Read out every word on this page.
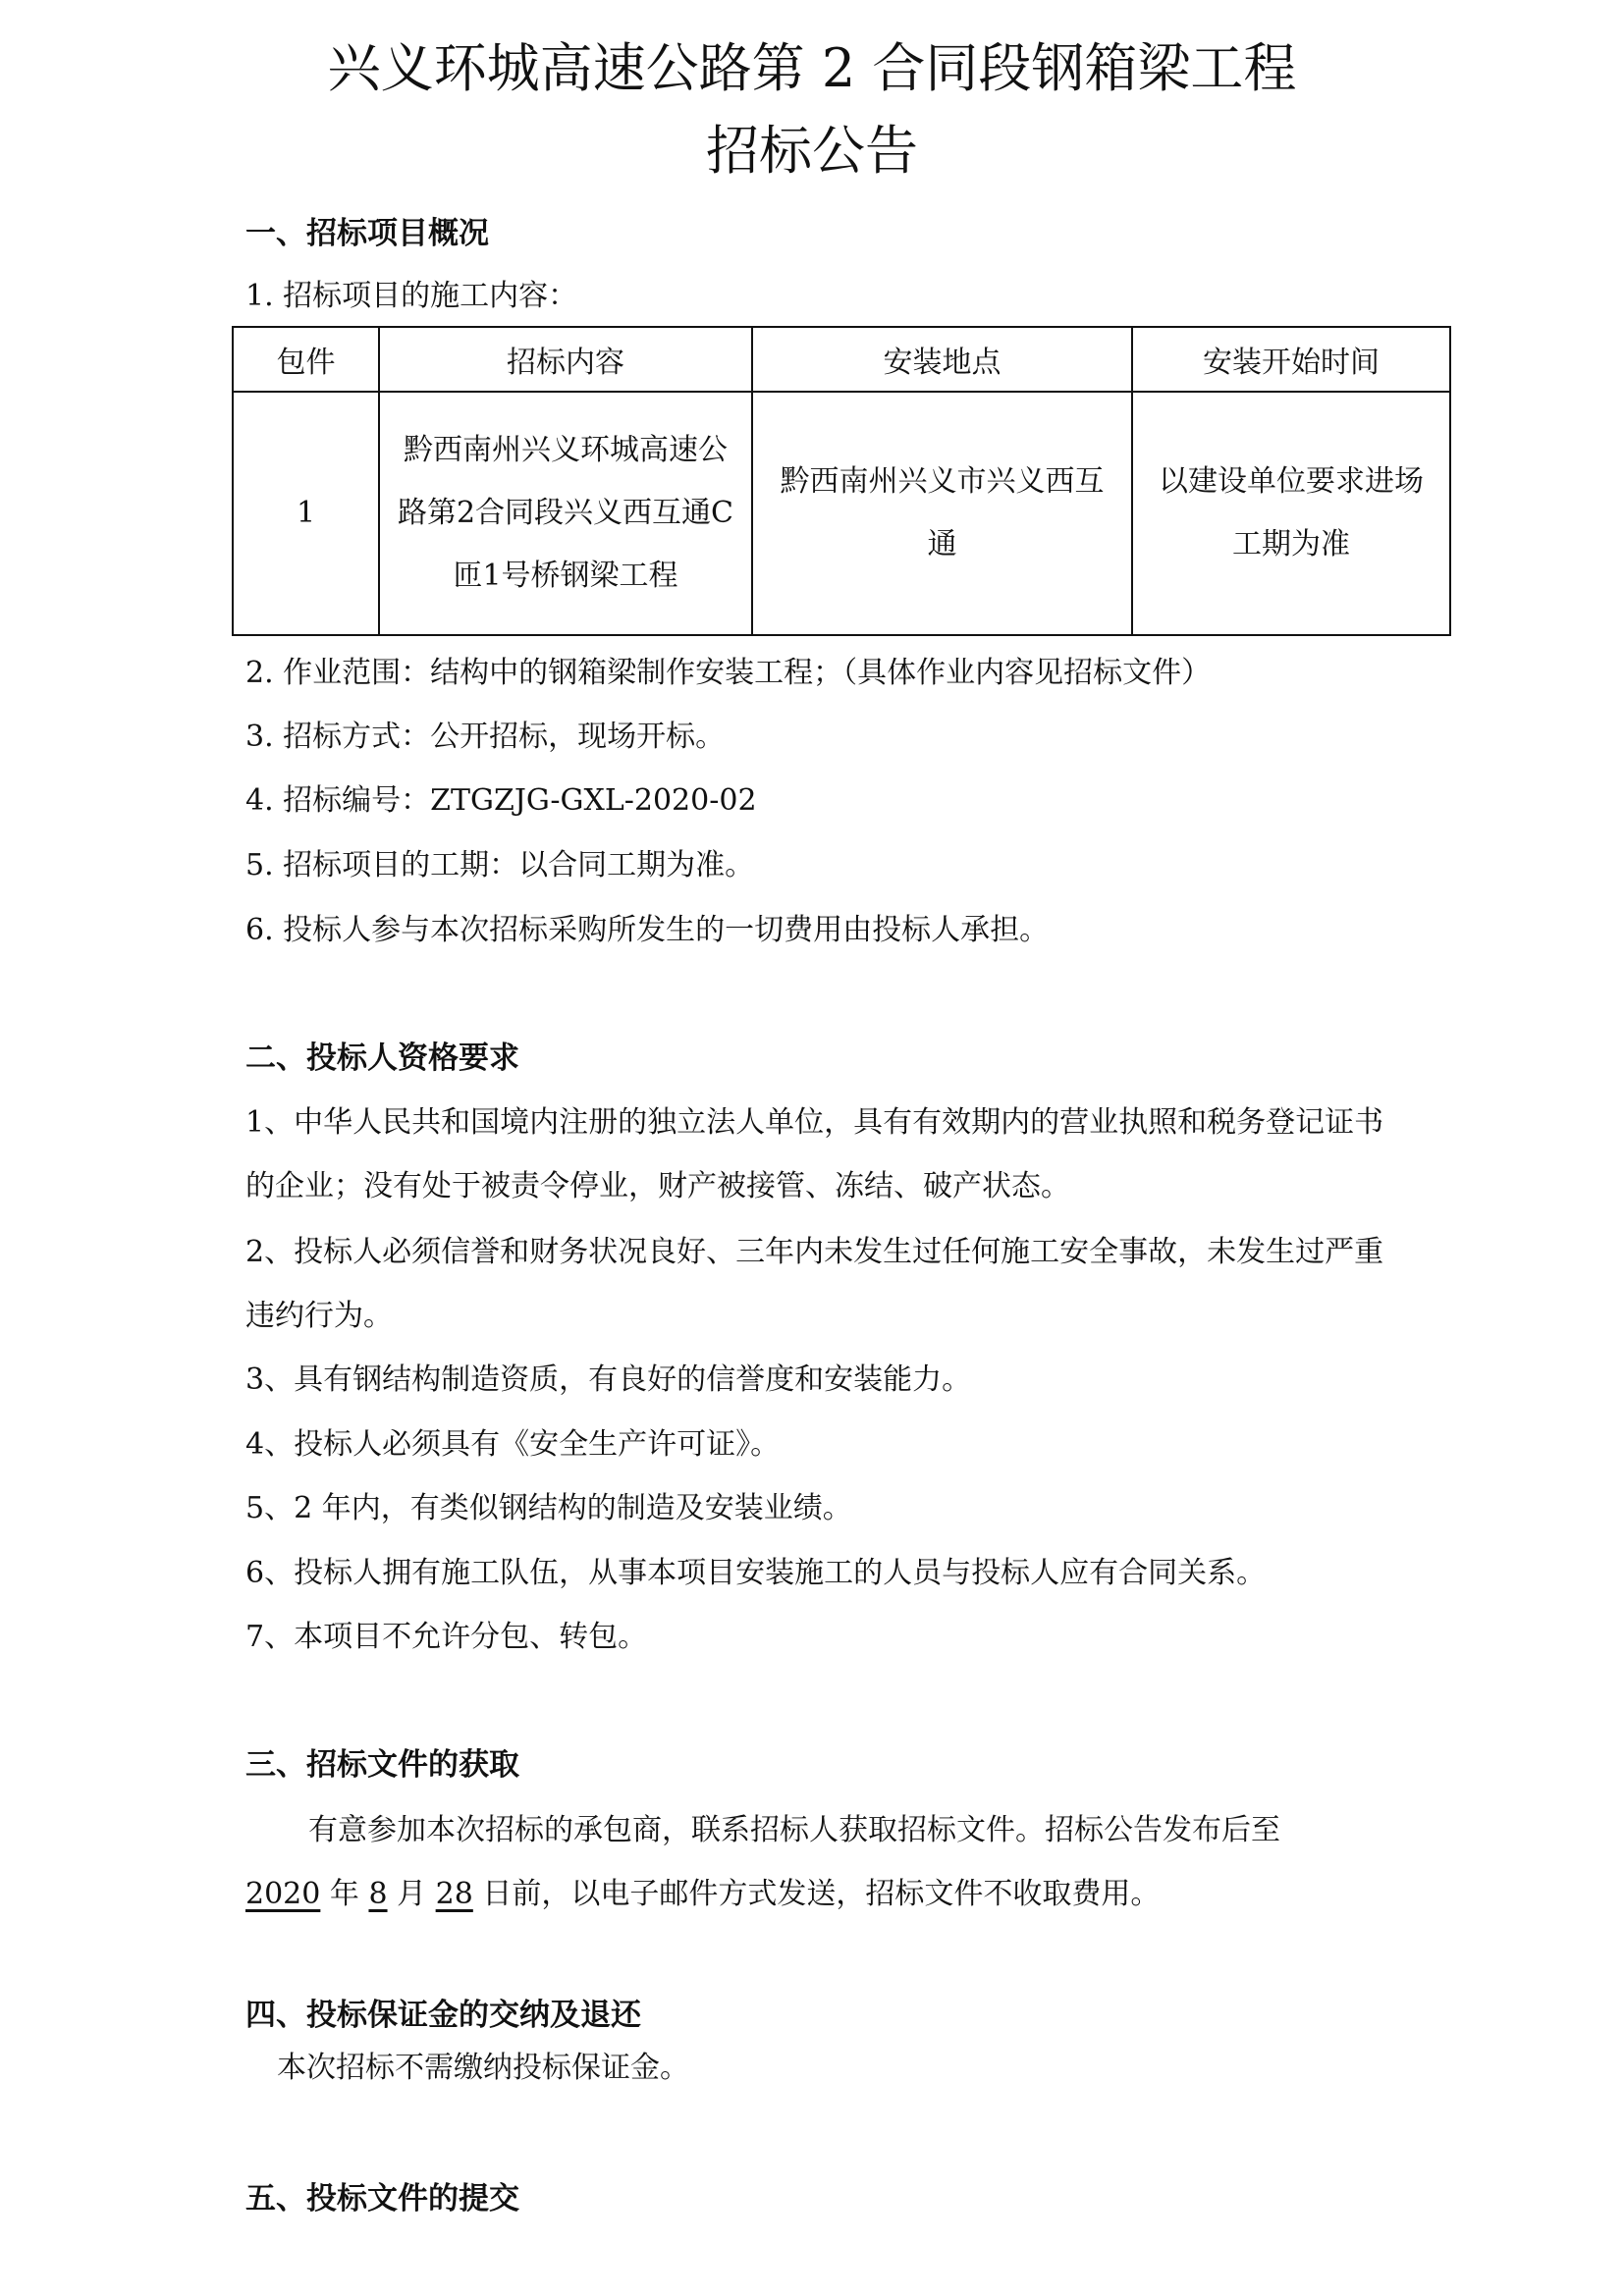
兴义环城高速公路第 2 合同段钢箱梁工程
招标公告
一、招标项目概况

1. 招标项目的施工内容：

包件	招标内容	安装地点	安装开始时间
1	黔西南州兴义环城高速公路第2合同段兴义西互通C匝1号桥钢梁工程	黔西南州兴义市兴义西互通	以建设单位要求进场工期为准

2. 作业范围：结构中的钢箱梁制作安装工程；（具体作业内容见招标文件）

3. 招标方式：公开招标，现场开标。

4. 招标编号：ZTGZJG-GXL-2020-02

5. 招标项目的工期：以合同工期为准。

6. 投标人参与本次招标采购所发生的一切费用由投标人承担。

二、投标人资格要求

1、中华人民共和国境内注册的独立法人单位，具有有效期内的营业执照和税务登记证书的企业；没有处于被责令停业，财产被接管、冻结、破产状态。

2、投标人必须信誉和财务状况良好、三年内未发生过任何施工安全事故，未发生过严重违约行为。

3、具有钢结构制造资质，有良好的信誉度和安装能力。

4、投标人必须具有《安全生产许可证》。

5、2 年内，有类似钢结构的制造及安装业绩。

6、投标人拥有施工队伍，从事本项目安装施工的人员与投标人应有合同关系。

7、本项目不允许分包、转包。

三、招标文件的获取

有意参加本次招标的承包商，联系招标人获取招标文件。招标公告发布后至
2020 年 8 月 28 日前，以电子邮件方式发送，招标文件不收取费用。

四、投标保证金的交纳及退还

本次招标不需缴纳投标保证金。

五、投标文件的提交
